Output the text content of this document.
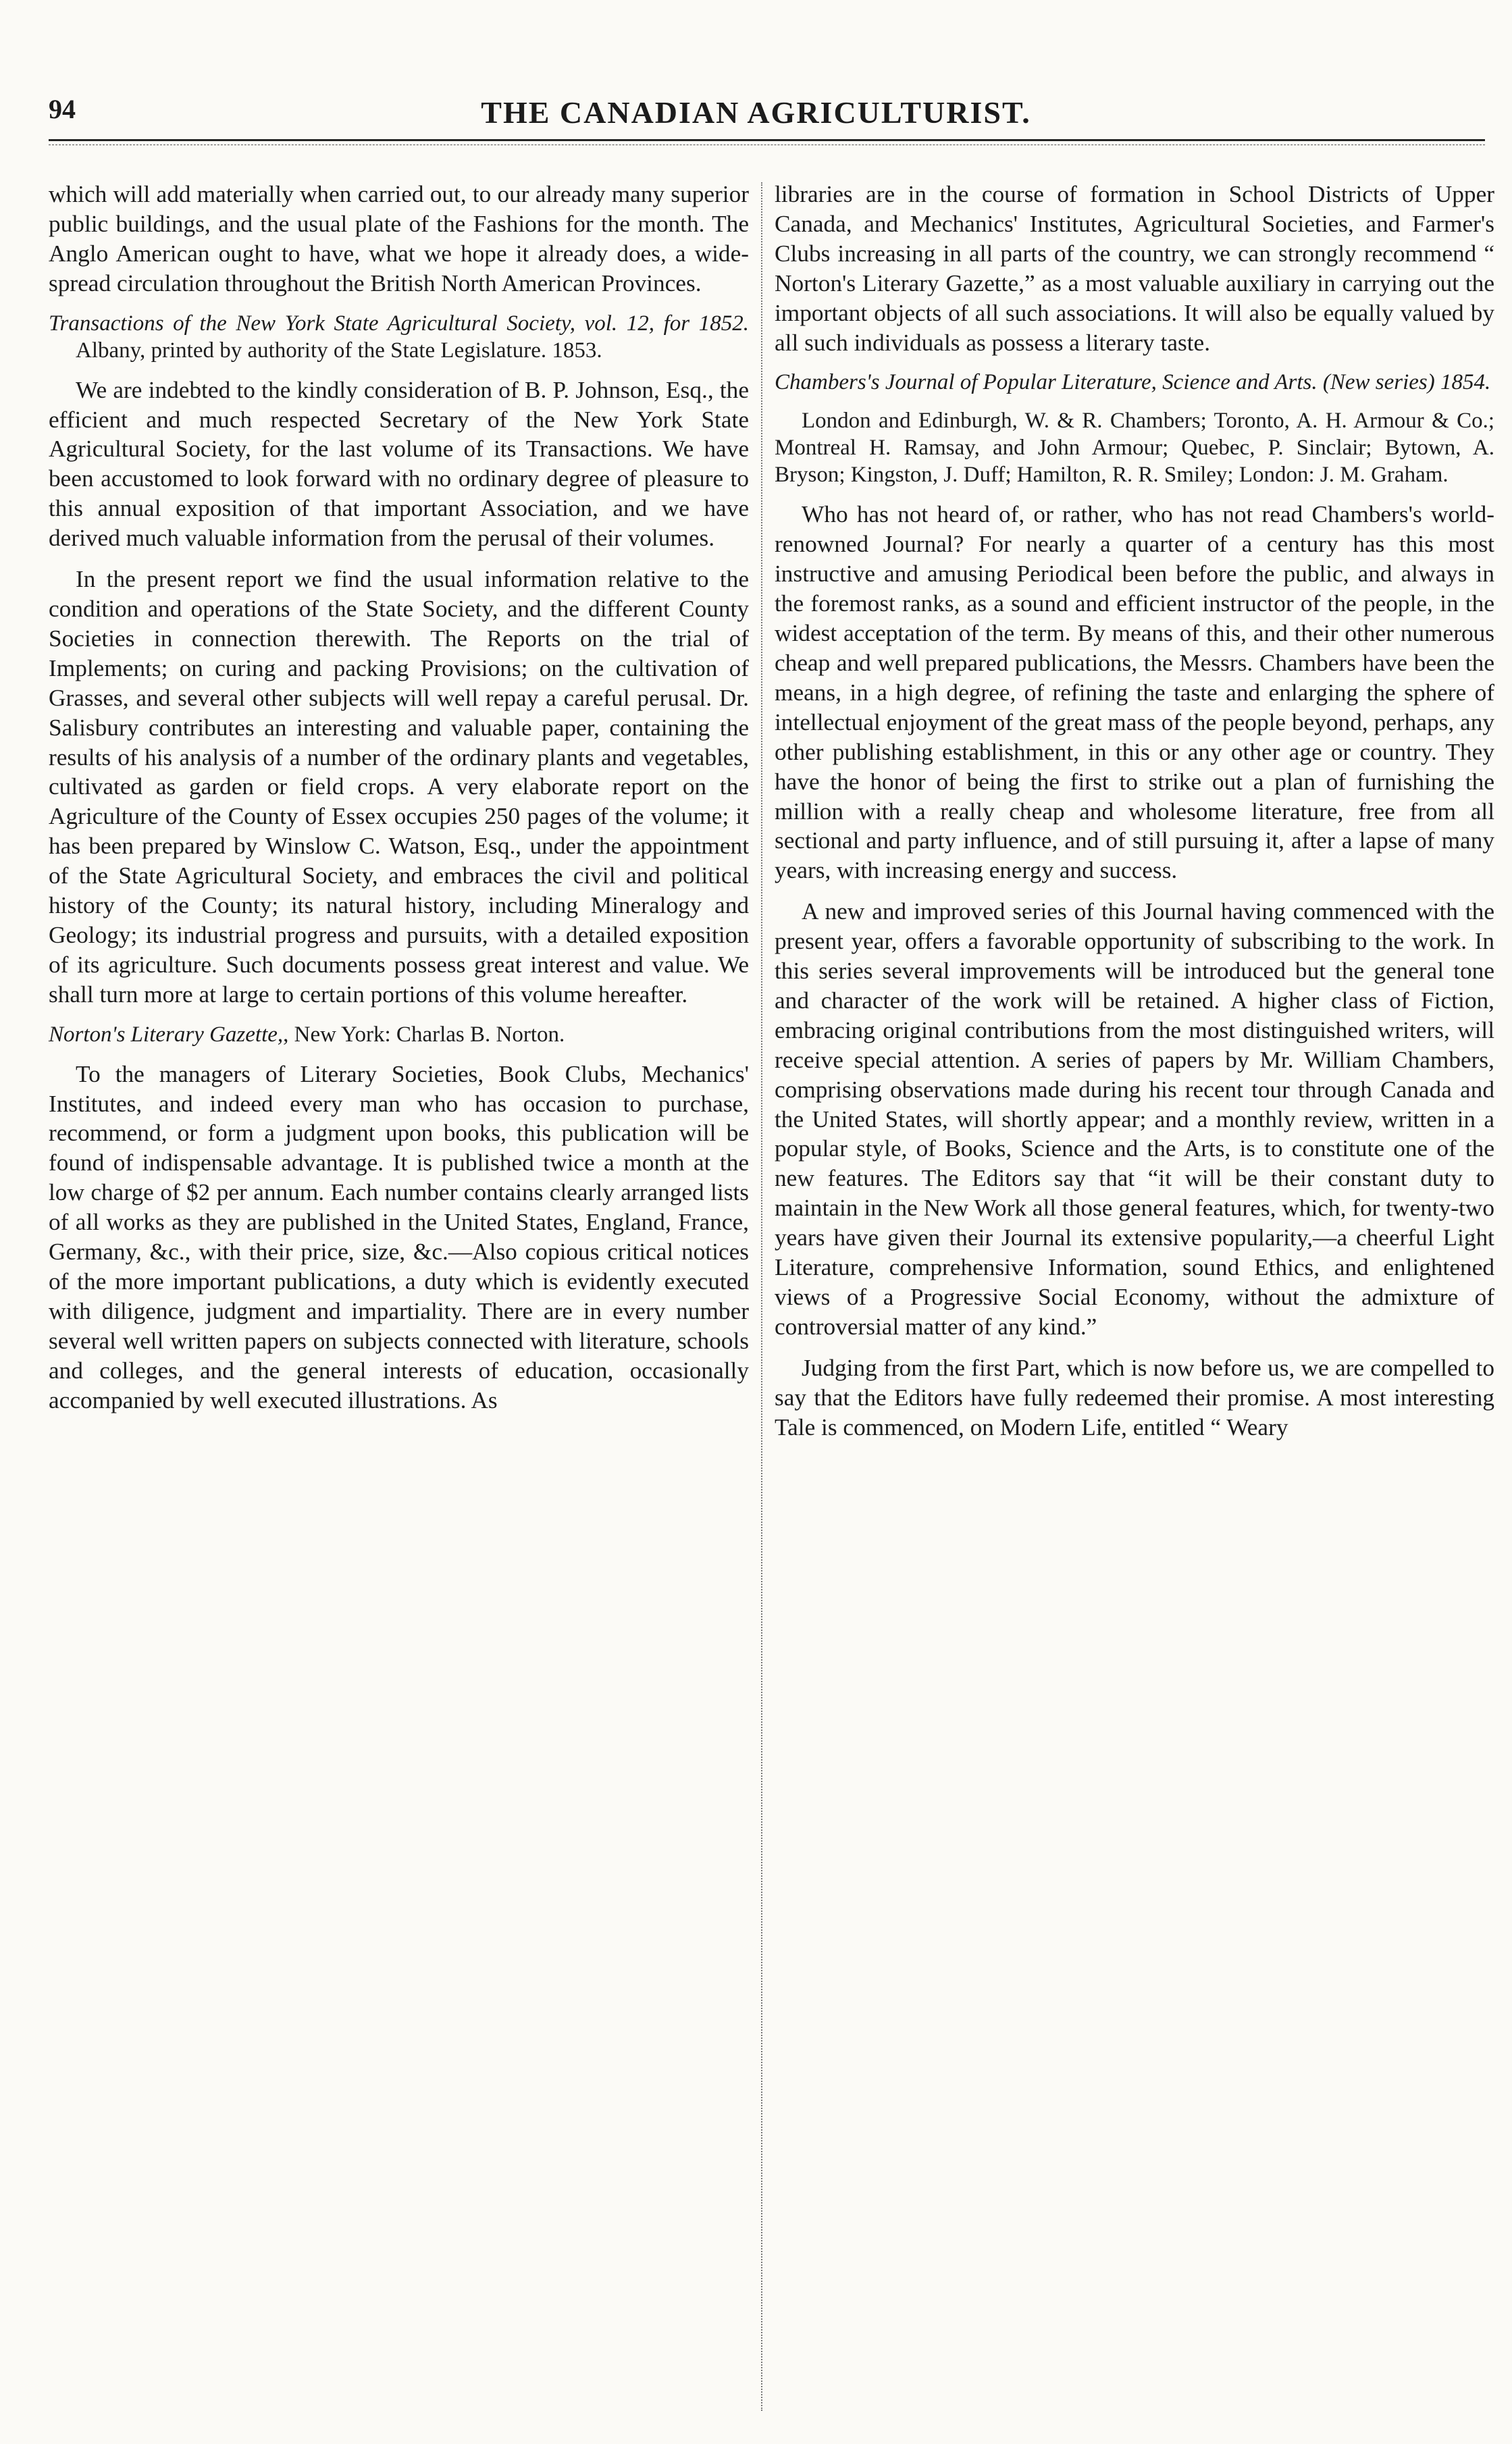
94	THE CANADIAN AGRICULTURIST.

which will add materially when carried out, to our already many superior public buildings, and the usual plate of the Fashions for the month. The Anglo American ought to have, what we hope it already does, a wide-spread circulation throughout the British North American Provinces.

Transactions of the New York State Agricultural Society, vol. 12, for 1852. Albany, printed by authority of the State Legislature. 1853.

We are indebted to the kindly consideration of B. P. Johnson, Esq., the efficient and much respected Secretary of the New York State Agricultural Society, for the last volume of its Transactions. We have been accustomed to look forward with no ordinary degree of pleasure to this annual exposition of that important Association, and we have derived much valuable information from the perusal of their volumes.

In the present report we find the usual information relative to the condition and operations of the State Society, and the different County Societies in connection therewith. The Reports on the trial of Implements; on curing and packing Provisions; on the cultivation of Grasses, and several other subjects will well repay a careful perusal. Dr. Salisbury contributes an interesting and valuable paper, containing the results of his analysis of a number of the ordinary plants and vegetables, cultivated as garden or field crops. A very elaborate report on the Agriculture of the County of Essex occupies 250 pages of the volume; it has been prepared by Winslow C. Watson, Esq., under the appointment of the State Agricultural Society, and embraces the civil and political history of the County; its natural history, including Mineralogy and Geology; its industrial progress and pursuits, with a detailed exposition of its agriculture. Such documents possess great interest and value. We shall turn more at large to certain portions of this volume hereafter.

Norton's Literary Gazette,, New York: Charlas B. Norton.

To the managers of Literary Societies, Book Clubs, Mechanics' Institutes, and indeed every man who has occasion to purchase, recommend, or form a judgment upon books, this publication will be found of indispensable advantage. It is published twice a month at the low charge of $2 per annum. Each number contains clearly arranged lists of all works as they are published in the United States, England, France, Germany, &c., with their price, size, &c.—Also copious critical notices of the more important publications, a duty which is evidently executed with diligence, judgment and impartiality. There are in every number several well written papers on subjects connected with literature, schools and colleges, and the general interests of education, occasionally accompanied by well executed illustrations. As

libraries are in the course of formation in School Districts of Upper Canada, and Mechanics' Institutes, Agricultural Societies, and Farmer's Clubs increasing in all parts of the country, we can strongly recommend “ Norton's Literary Gazette,” as a most valuable auxiliary in carrying out the important objects of all such associations. It will also be equally valued by all such individuals as possess a literary taste.

Chambers's Journal of Popular Literature, Science and Arts. (New series) 1854.

London and Edinburgh, W. & R. Chambers; Toronto, A. H. Armour & Co.; Montreal H. Ramsay, and John Armour; Quebec, P. Sinclair; Bytown, A. Bryson; Kingston, J. Duff; Hamilton, R. R. Smiley; London: J. M. Graham.

Who has not heard of, or rather, who has not read Chambers's world-renowned Journal? For nearly a quarter of a century has this most instructive and amusing Periodical been before the public, and always in the foremost ranks, as a sound and efficient instructor of the people, in the widest acceptation of the term. By means of this, and their other numerous cheap and well prepared publications, the Messrs. Chambers have been the means, in a high degree, of refining the taste and enlarging the sphere of intellectual enjoyment of the great mass of the people beyond, perhaps, any other publishing establishment, in this or any other age or country. They have the honor of being the first to strike out a plan of furnishing the million with a really cheap and wholesome literature, free from all sectional and party influence, and of still pursuing it, after a lapse of many years, with increasing energy and success.

A new and improved series of this Journal having commenced with the present year, offers a favorable opportunity of subscribing to the work. In this series several improvements will be introduced but the general tone and character of the work will be retained. A higher class of Fiction, embracing original contributions from the most distinguished writers, will receive special attention. A series of papers by Mr. William Chambers, comprising observations made during his recent tour through Canada and the United States, will shortly appear; and a monthly review, written in a popular style, of Books, Science and the Arts, is to constitute one of the new features. The Editors say that “it will be their constant duty to maintain in the New Work all those general features, which, for twenty-two years have given their Journal its extensive popularity,—a cheerful Light Literature, comprehensive Information, sound Ethics, and enlightened views of a Progressive Social Economy, without the admixture of controversial matter of any kind.”

Judging from the first Part, which is now before us, we are compelled to say that the Editors have fully redeemed their promise. A most interesting Tale is commenced, on Modern Life, entitled “ Weary
